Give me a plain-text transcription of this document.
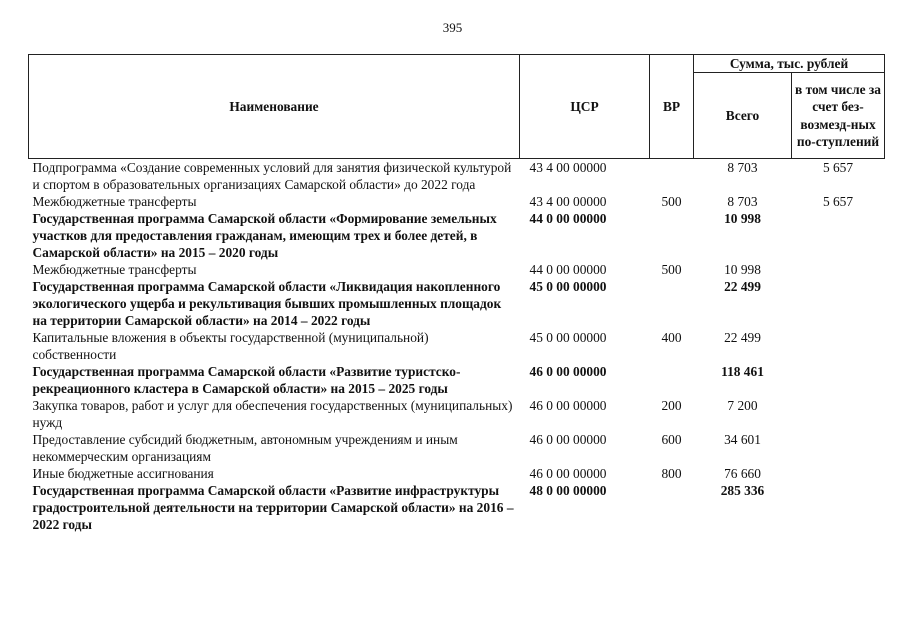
395
Наименование	ЦСР	ВР	Сумма, тыс. рублей	
			Всего	в том числе за счет без-возмезд-ных по-ступлений
Подпрограмма «Создание современных условий для занятия физической культурой и спортом в образовательных организациях Самарской области» до 2022 года	43 4 00 00000		8 703	5 657
Межбюджетные трансферты	43 4 00 00000	500	8 703	5 657
Государственная программа Самарской области «Формирование земельных участков для предоставления гражданам, имеющим трех и более детей, в Самарской области» на 2015 – 2020 годы	44 0 00 00000		10 998	
Межбюджетные трансферты	44 0 00 00000	500	10 998	
Государственная программа Самарской области «Ликвидация накопленного экологического ущерба и рекультивация бывших промышленных площадок на территории Самарской области» на 2014 – 2022 годы	45 0 00 00000		22 499	
Капитальные вложения в объекты государственной (муниципальной) собственности	45 0 00 00000	400	22 499	
Государственная программа Самарской области «Развитие туристско-рекреационного кластера в Самарской области» на 2015 – 2025 годы	46 0 00 00000		118 461	
Закупка товаров, работ и услуг для обеспечения государственных (муниципальных) нужд	46 0 00 00000	200	7 200	
Предоставление субсидий бюджетным, автономным учреждениям и иным некоммерческим организациям	46 0 00 00000	600	34 601	
Иные бюджетные ассигнования	46 0 00 00000	800	76 660	
Государственная программа Самарской области «Развитие инфраструктуры градостроительной деятельности на территории Самарской области» на 2016 – 2022 годы	48 0 00 00000		285 336	
